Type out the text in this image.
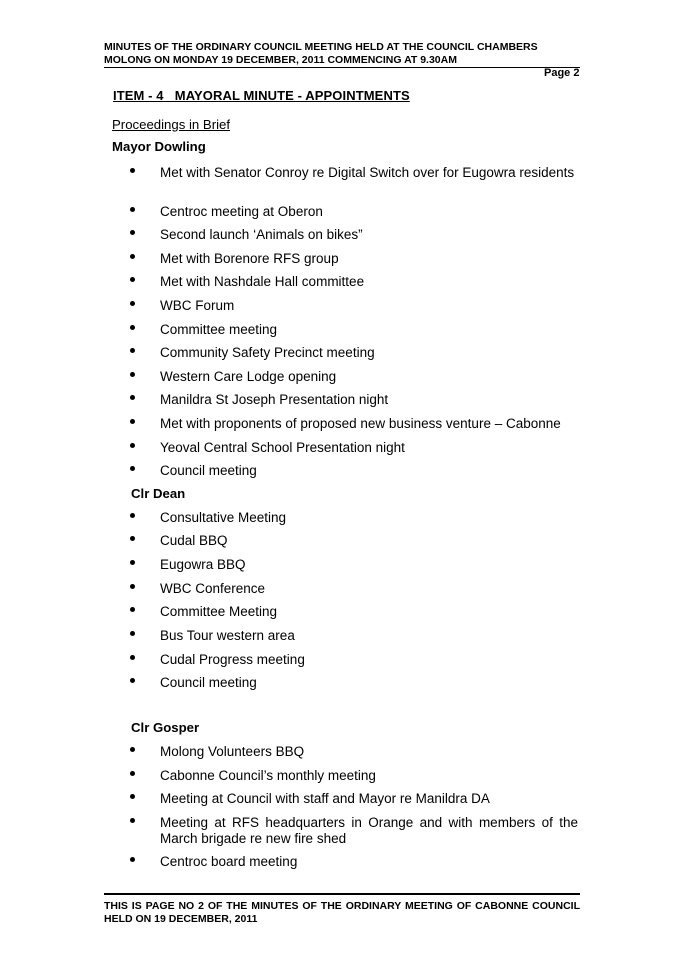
MINUTES OF THE ORDINARY COUNCIL MEETING HELD AT THE COUNCIL CHAMBERS
MOLONG ON MONDAY 19 DECEMBER, 2011 COMMENCING AT 9.30AM
Page 2
ITEM - 4   MAYORAL MINUTE - APPOINTMENTS
Proceedings in Brief
Mayor Dowling
Met with Senator Conroy re Digital Switch over for Eugowra residents
Centroc meeting at Oberon
Second launch ‘Animals on bikes”
Met with Borenore RFS group
Met with Nashdale Hall committee
WBC Forum
Committee meeting
Community Safety Precinct meeting
Western Care Lodge opening
Manildra St Joseph Presentation night
Met with proponents of proposed new business venture – Cabonne
Yeoval Central School Presentation night
Council meeting
Clr Dean
Consultative Meeting
Cudal BBQ
Eugowra BBQ
WBC Conference
Committee Meeting
Bus Tour western area
Cudal Progress meeting
Council meeting
Clr Gosper
Molong Volunteers BBQ
Cabonne Council’s monthly meeting
Meeting at Council with staff and Mayor re Manildra DA
Meeting at RFS headquarters in Orange and with members of the March brigade re new fire shed
Centroc board meeting
THIS IS PAGE NO 2 OF THE MINUTES OF THE ORDINARY MEETING OF CABONNE COUNCIL HELD ON 19 DECEMBER, 2011
